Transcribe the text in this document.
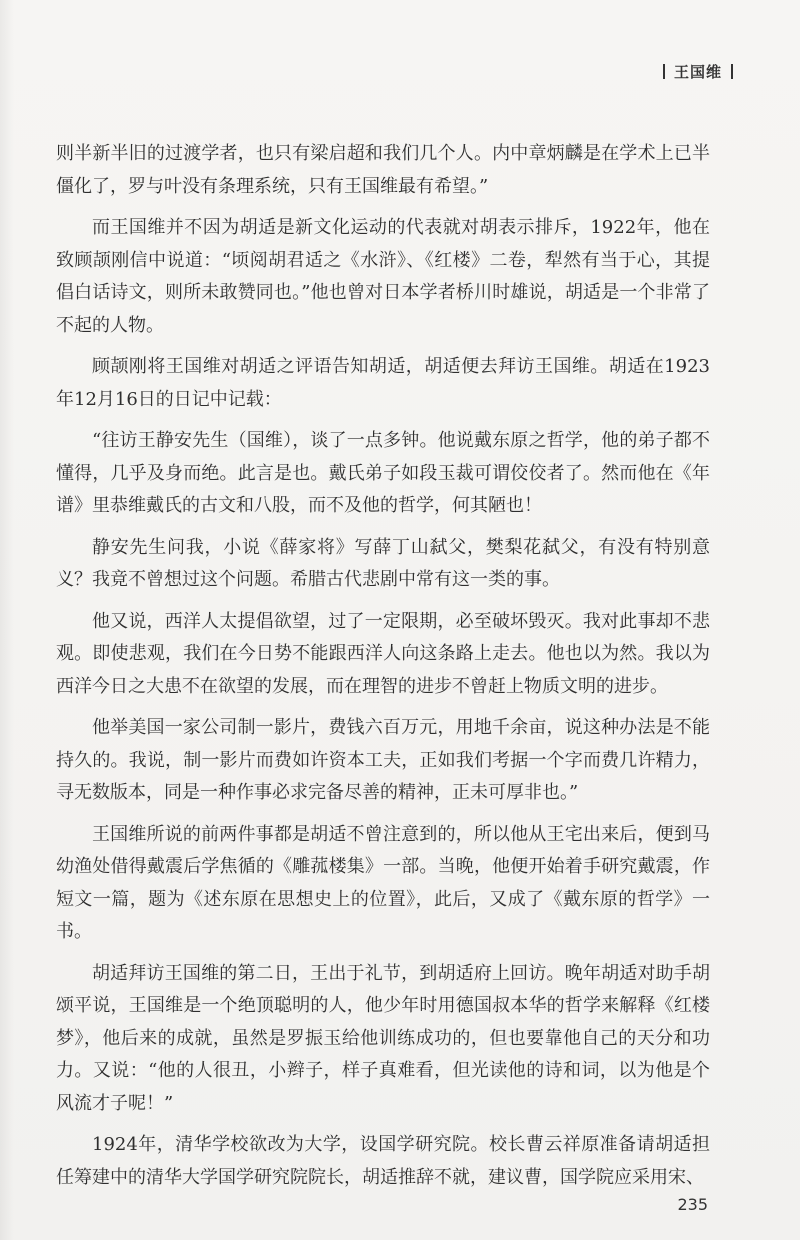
王国维

则半新半旧的过渡学者，也只有梁启超和我们几个人。内中章炳麟是在学术上已半僵化了，罗与叶没有条理系统，只有王国维最有希望。”

而王国维并不因为胡适是新文化运动的代表就对胡表示排斥，1922年，他在致顾颉刚信中说道：“顷阅胡君适之《水浒》、《红楼》二卷，犁然有当于心，其提倡白话诗文，则所未敢赞同也。”他也曾对日本学者桥川时雄说，胡适是一个非常了不起的人物。

顾颉刚将王国维对胡适之评语告知胡适，胡适便去拜访王国维。胡适在1923年12月16日的日记中记载：

“往访王静安先生（国维），谈了一点多钟。他说戴东原之哲学，他的弟子都不懂得，几乎及身而绝。此言是也。戴氏弟子如段玉裁可谓佼佼者了。然而他在《年谱》里恭维戴氏的古文和八股，而不及他的哲学，何其陋也！

静安先生问我，小说《薛家将》写薛丁山弑父，樊梨花弑父，有没有特别意义？我竟不曾想过这个问题。希腊古代悲剧中常有这一类的事。

他又说，西洋人太提倡欲望，过了一定限期，必至破坏毁灭。我对此事却不悲观。即使悲观，我们在今日势不能跟西洋人向这条路上走去。他也以为然。我以为西洋今日之大患不在欲望的发展，而在理智的进步不曾赶上物质文明的进步。

他举美国一家公司制一影片，费钱六百万元，用地千余亩，说这种办法是不能持久的。我说，制一影片而费如许资本工夫，正如我们考据一个字而费几许精力，寻无数版本，同是一种作事必求完备尽善的精神，正未可厚非也。”

王国维所说的前两件事都是胡适不曾注意到的，所以他从王宅出来后，便到马幼渔处借得戴震后学焦循的《雕菰楼集》一部。当晚，他便开始着手研究戴震，作短文一篇，题为《述东原在思想史上的位置》，此后，又成了《戴东原的哲学》一书。

胡适拜访王国维的第二日，王出于礼节，到胡适府上回访。晚年胡适对助手胡颂平说，王国维是一个绝顶聪明的人，他少年时用德国叔本华的哲学来解释《红楼梦》，他后来的成就，虽然是罗振玉给他训练成功的，但也要靠他自己的天分和功力。又说：“他的人很丑，小辫子，样子真难看，但光读他的诗和词，以为他是个风流才子呢！”

1924年，清华学校欲改为大学，设国学研究院。校长曹云祥原准备请胡适担任筹建中的清华大学国学研究院院长，胡适推辞不就，建议曹，国学院应采用宋、

235
